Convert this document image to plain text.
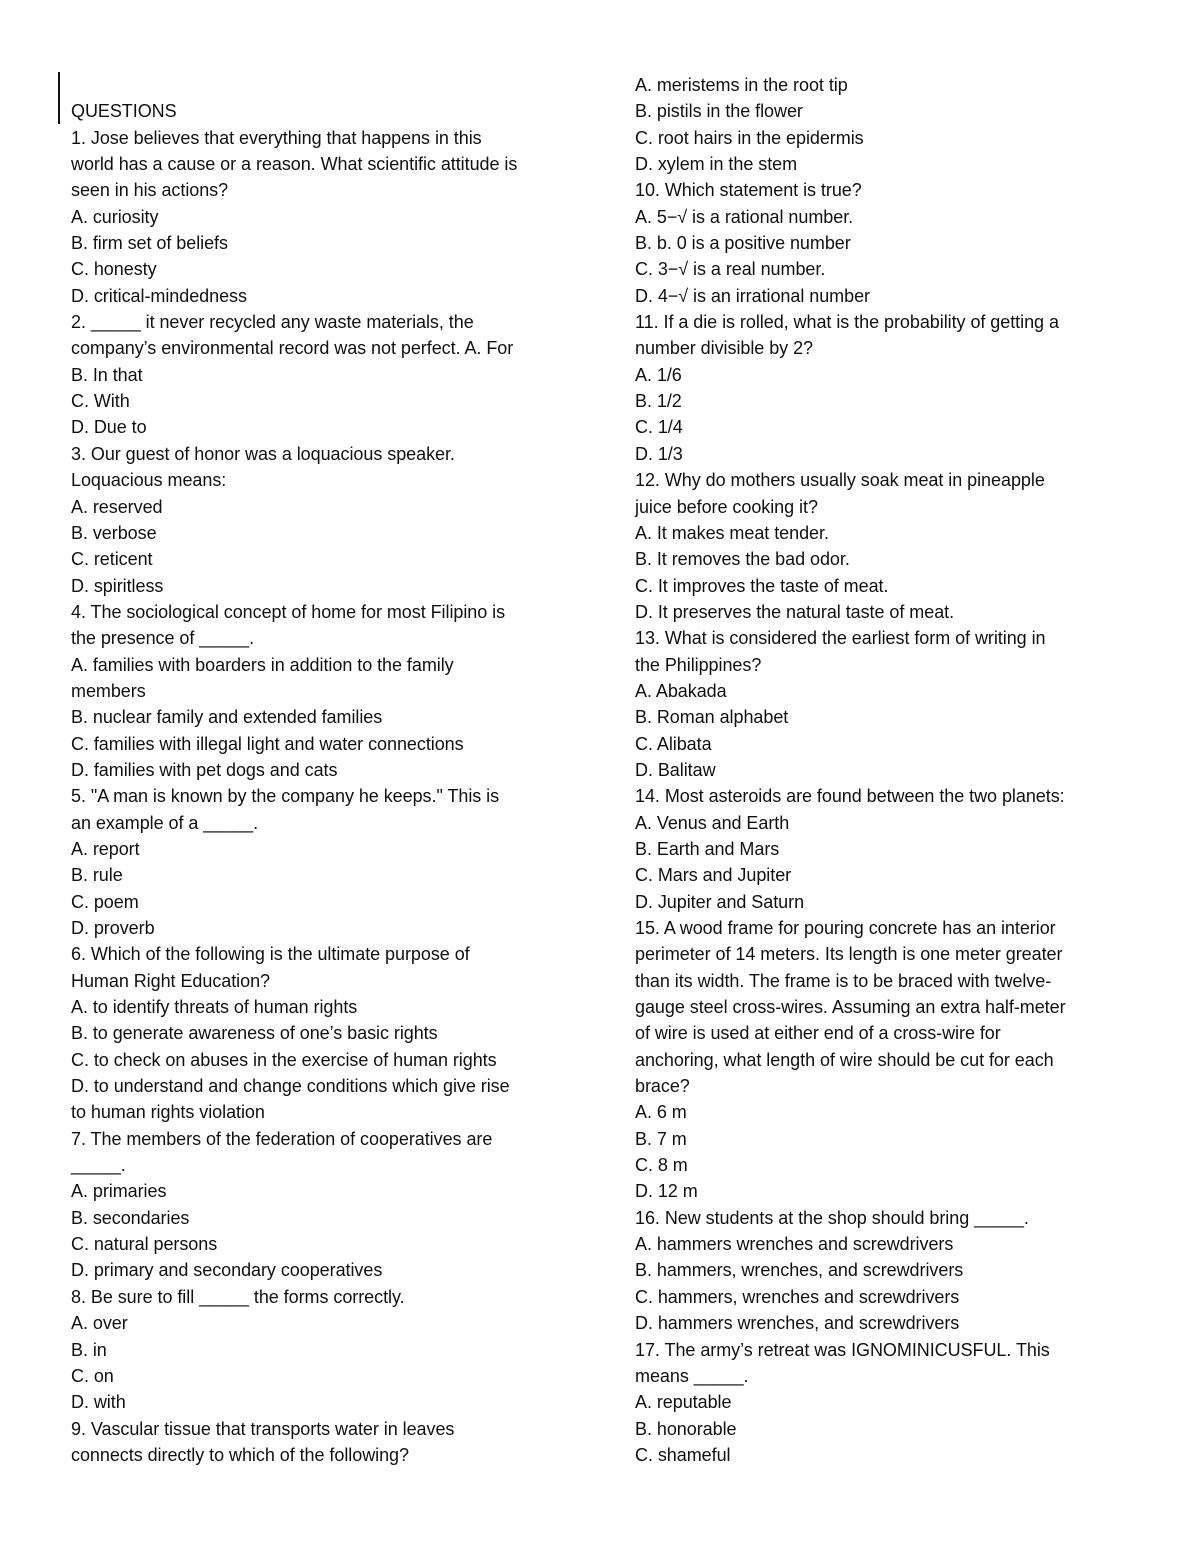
QUESTIONS
1. Jose believes that everything that happens in this
world has a cause or a reason. What scientific attitude is
seen in his actions?
A. curiosity
B. firm set of beliefs
C. honesty
D. critical-mindedness
2. _____ it never recycled any waste materials, the
company’s environmental record was not perfect. A. For
B. In that
C. With
D. Due to
3. Our guest of honor was a loquacious speaker.
Loquacious means:
A. reserved
B. verbose
C. reticent
D. spiritless
4. The sociological concept of home for most Filipino is
the presence of _____.
A. families with boarders in addition to the family
members
B. nuclear family and extended families
C. families with illegal light and water connections
D. families with pet dogs and cats
5. "A man is known by the company he keeps." This is
an example of a _____.
A. report
B. rule
C. poem
D. proverb
6. Which of the following is the ultimate purpose of
Human Right Education?
A. to identify threats of human rights
B. to generate awareness of one’s basic rights
C. to check on abuses in the exercise of human rights
D. to understand and change conditions which give rise
to human rights violation
7. The members of the federation of cooperatives are
_____.
A. primaries
B. secondaries
C. natural persons
D. primary and secondary cooperatives
8. Be sure to fill _____ the forms correctly.
A. over
B. in
C. on
D. with
9. Vascular tissue that transports water in leaves
connects directly to which of the following?
A. meristems in the root tip
B. pistils in the flower
C. root hairs in the epidermis
D. xylem in the stem
10. Which statement is true?
A. 5−√ is a rational number.
B. b. 0 is a positive number
C. 3−√ is a real number.
D. 4−√ is an irrational number
11. If a die is rolled, what is the probability of getting a
number divisible by 2?
A. 1/6
B. 1/2
C. 1/4
D. 1/3
12. Why do mothers usually soak meat in pineapple
juice before cooking it?
A. It makes meat tender.
B. It removes the bad odor.
C. It improves the taste of meat.
D. It preserves the natural taste of meat.
13. What is considered the earliest form of writing in
the Philippines?
A. Abakada
B. Roman alphabet
C. Alibata
D. Balitaw
14. Most asteroids are found between the two planets:
A. Venus and Earth
B. Earth and Mars
C. Mars and Jupiter
D. Jupiter and Saturn
15. A wood frame for pouring concrete has an interior
perimeter of 14 meters. Its length is one meter greater
than its width. The frame is to be braced with twelve-
gauge steel cross-wires. Assuming an extra half-meter
of wire is used at either end of a cross-wire for
anchoring, what length of wire should be cut for each
brace?
A. 6 m
B. 7 m
C. 8 m
D. 12 m
16. New students at the shop should bring _____.
A. hammers wrenches and screwdrivers
B. hammers, wrenches, and screwdrivers
C. hammers, wrenches and screwdrivers
D. hammers wrenches, and screwdrivers
17. The army’s retreat was IGNOMINICUSFUL. This
means _____.
A. reputable
B. honorable
C. shameful
